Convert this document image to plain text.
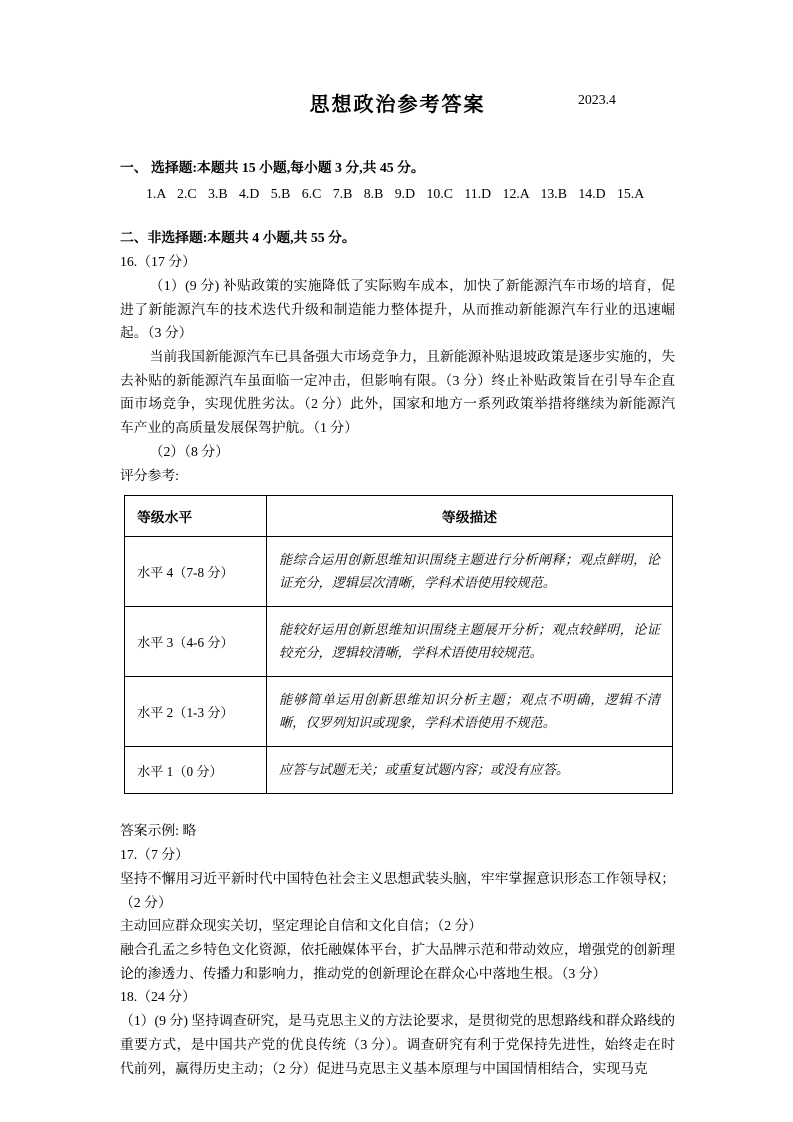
思想政治参考答案	2023.4

一、 选择题:本题共 15 小题,每小题 3 分,共 45 分。

1.A 2.C 3.B 4.D 5.B 6.C 7.B 8.B 9.D 10.C 11.D 12.A 13.B 14.D 15.A

二、非选择题:本题共 4 小题,共 55 分。

16.（17 分）

（1）(9 分) 补贴政策的实施降低了实际购车成本，加快了新能源汽车市场的培育，促进了新能源汽车的技术迭代升级和制造能力整体提升，从而推动新能源汽车行业的迅速崛起。（3 分）

当前我国新能源汽车已具备强大市场竞争力，且新能源补贴退坡政策是逐步实施的，失去补贴的新能源汽车虽面临一定冲击，但影响有限。（3 分）终止补贴政策旨在引导车企直面市场竞争，实现优胜劣汰。（2 分）此外，国家和地方一系列政策举措将继续为新能源汽车产业的高质量发展保驾护航。（1 分）

（2）（8 分）

评分参考:

等级水平	等级描述
水平 4（7-8 分）	能综合运用创新思维知识围绕主题进行分析阐释；观点鲜明，论证充分，逻辑层次清晰，学科术语使用较规范。
水平 3（4-6 分）	能较好运用创新思维知识围绕主题展开分析；观点较鲜明，论证较充分，逻辑较清晰，学科术语使用较规范。
水平 2（1-3 分）	能够简单运用创新思维知识分析主题；观点不明确，逻辑不清晰，仅罗列知识或现象，学科术语使用不规范。
水平 1（0 分）	应答与试题无关；或重复试题内容；或没有应答。

答案示例: 略

17.（7 分）

坚持不懈用习近平新时代中国特色社会主义思想武装头脑，牢牢掌握意识形态工作领导权；（2 分）

主动回应群众现实关切，坚定理论自信和文化自信；（2 分）

融合孔孟之乡特色文化资源，依托融媒体平台，扩大品牌示范和带动效应，增强党的创新理论的渗透力、传播力和影响力，推动党的创新理论在群众心中落地生根。（3 分）

18.（24 分）

（1）(9 分) 坚持调查研究，是马克思主义的方法论要求，是贯彻党的思想路线和群众路线的重要方式，是中国共产党的优良传统（3 分）。调查研究有利于党保持先进性，始终走在时代前列，赢得历史主动；（2 分）促进马克思主义基本原理与中国国情相结合，实现马克
